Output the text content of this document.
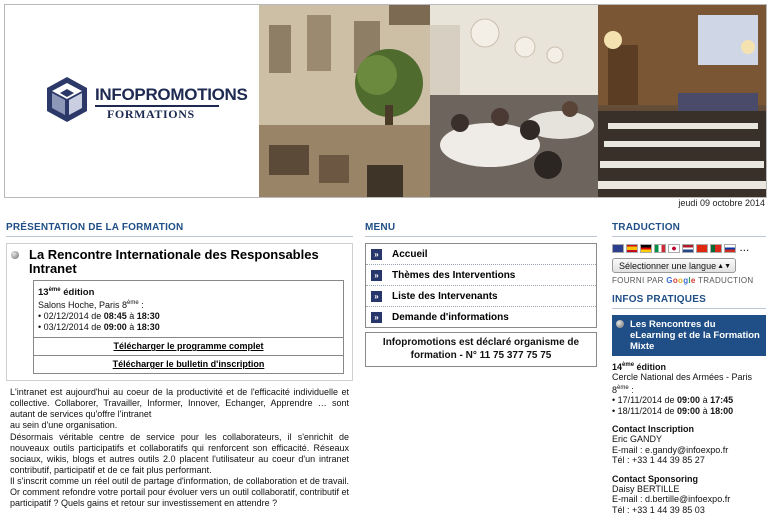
INFOPROMOTIONS
FORMATIONS
jeudi 09 octobre 2014
PRÉSENTATION DE LA FORMATION
La Rencontre Internationale des Responsables Intranet
13ème édition
Salons Hoche, Paris 8ème :
• 02/12/2014 de 08:45 à 18:30
• 03/12/2014 de 09:00 à 18:30
Télécharger le programme complet
Télécharger le bulletin d'inscription

L'intranet est aujourd'hui au coeur de la productivité et de l'efficacité individuelle et collective. Collaborer, Travailler, Informer, Innover, Echanger, Apprendre … sont autant de services qu'offre l'intranet

au sein d'une organisation.

Désormais véritable centre de service pour les collaborateurs, il s'enrichit de nouveaux outils participatifs et collaboratifs qui renforcent son efficacité. Réseaux sociaux, wikis, blogs et autres outils 2.0 placent l'utilisateur au coeur d'un intranet contributif, participatif et de ce fait plus performant.

Il s'inscrit comme un réel outil de partage d'information, de collaboration et de travail. Or comment refondre votre portail pour évoluer vers un outil collaboratif, contributif et participatif ? Quels gains et retour sur investissement en attendre ?

MENU
»	Accueil
»	Thèmes des Interventions
»	Liste des Intervenants
»	Demande d'informations
Infopromotions est déclaré organisme de formation - N° 11 75 377 75 75
TRADUCTION
...
Sélectionner une langue ▲▼
FOURNI PAR Google TRADUCTION
INFOS PRATIQUES
Les Rencontres du eLearning et de la Formation Mixte

14ème édition

Cercle National des Armées - Paris 8ème :

• 17/11/2014 de 09:00 à 17:45

• 18/11/2014 de 09:00 à 18:00

Contact Inscription

Eric GANDY

E-mail : e.gandy@infoexpo.fr

Tél : +33 1 44 39 85 27

Contact Sponsoring

Daisy BERTILLE

E-mail : d.bertille@infoexpo.fr

Tél : +33 1 44 39 85 03
